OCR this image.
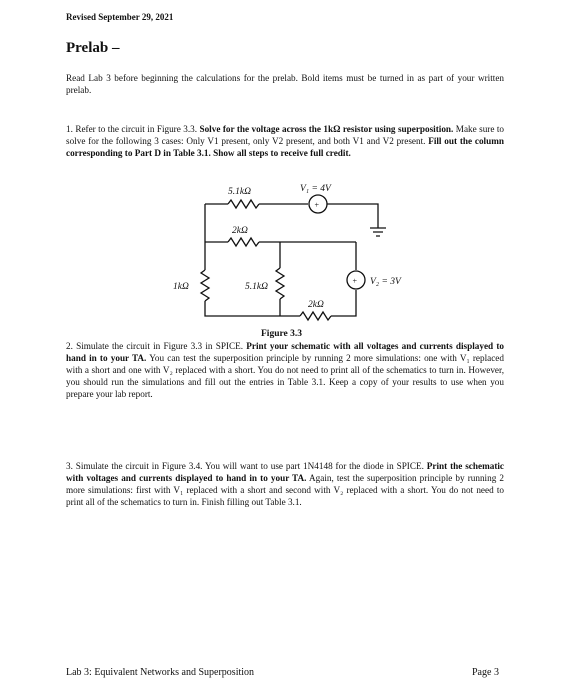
Revised September 29, 2021
Prelab –
Read Lab 3 before beginning the calculations for the prelab. Bold items must be turned in as part of your written prelab.
1. Refer to the circuit in Figure 3.3. Solve for the voltage across the 1kΩ resistor using superposition. Make sure to solve for the following 3 cases: Only V1 present, only V2 present, and both V1 and V2 present. Fill out the column corresponding to Part D in Table 3.1. Show all steps to receive full credit.
+
+
5.1kΩ	V₁ = 4V
2kΩ
1kΩ	5.1kΩ	V₂ = 3V
2kΩ
Figure 3.3
2. Simulate the circuit in Figure 3.3 in SPICE. Print your schematic with all voltages and currents displayed to hand in to your TA. You can test the superposition principle by running 2 more simulations: one with V₁ replaced with a short and one with V₂ replaced with a short. You do not need to print all of the schematics to turn in. However, you should run the simulations and fill out the entries in Table 3.1. Keep a copy of your results to use when you prepare your lab report.
3. Simulate the circuit in Figure 3.4. You will want to use part 1N4148 for the diode in SPICE. Print the schematic with voltages and currents displayed to hand in to your TA. Again, test the superposition principle by running 2 more simulations: first with V₁ replaced with a short and second with V₂ replaced with a short. You do not need to print all of the schematics to turn in. Finish filling out Table 3.1.
Lab 3: Equivalent Networks and Superposition	Page 3
